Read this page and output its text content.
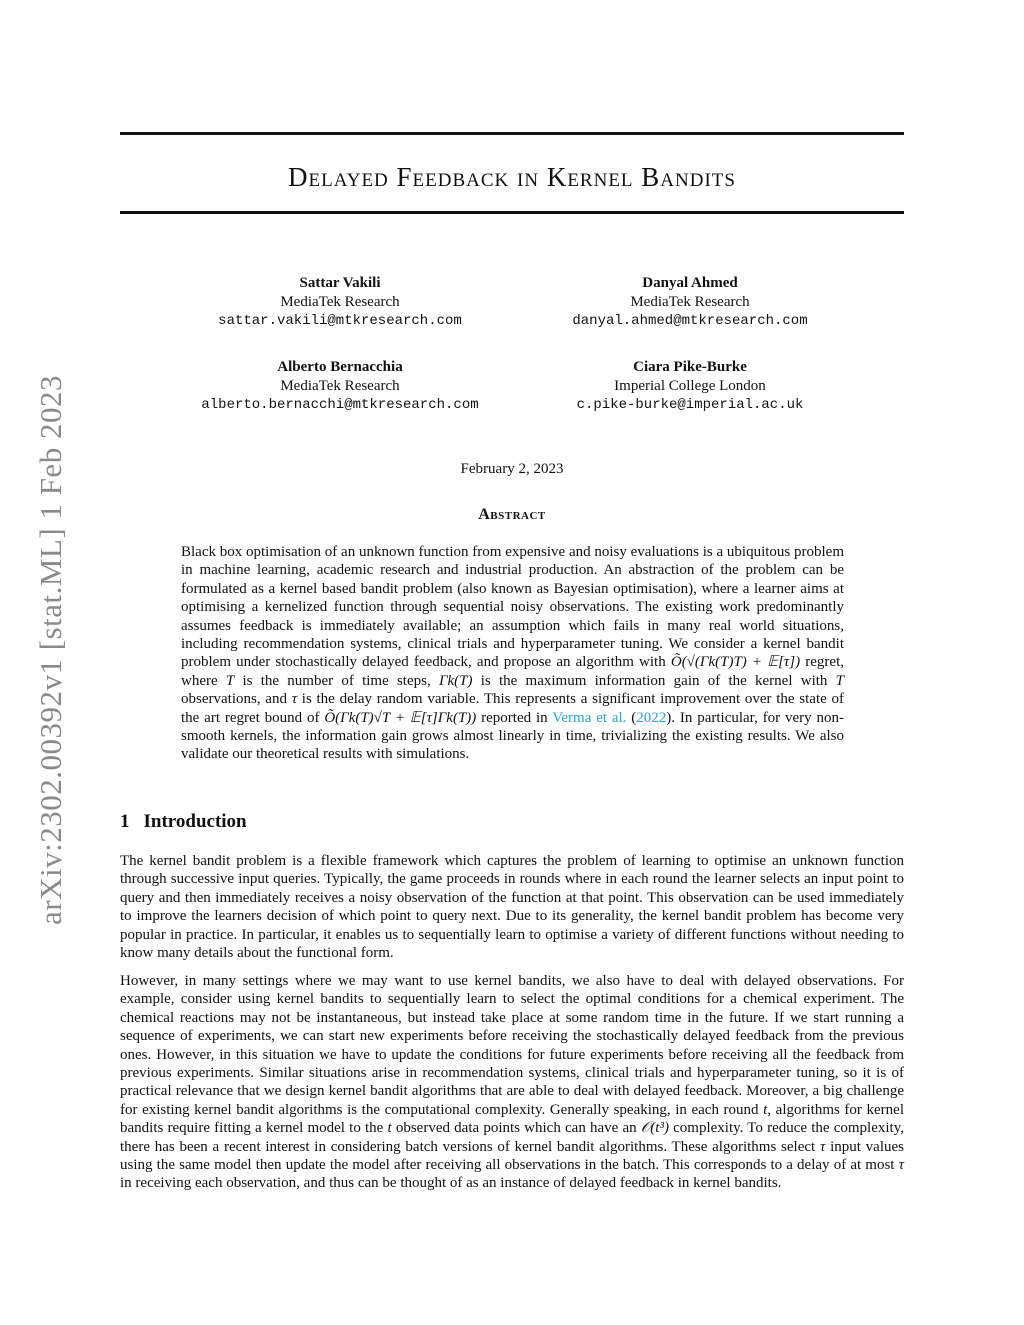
arXiv:2302.00392v1 [stat.ML] 1 Feb 2023
Delayed Feedback in Kernel Bandits
Sattar Vakili
MediaTek Research
sattar.vakili@mtkresearch.com
Danyal Ahmed
MediaTek Research
danyal.ahmed@mtkresearch.com
Alberto Bernacchia
MediaTek Research
alberto.bernacchi@mtkresearch.com
Ciara Pike-Burke
Imperial College London
c.pike-burke@imperial.ac.uk
February 2, 2023
Abstract
Black box optimisation of an unknown function from expensive and noisy evaluations is a ubiquitous problem in machine learning, academic research and industrial production. An abstraction of the problem can be formulated as a kernel based bandit problem (also known as Bayesian optimisation), where a learner aims at optimising a kernelized function through sequential noisy observations. The existing work predominantly assumes feedback is immediately available; an assumption which fails in many real world situations, including recommendation systems, clinical trials and hyperparameter tuning. We consider a kernel bandit problem under stochastically delayed feedback, and propose an algorithm with Õ(√(Γk(T)T) + 𝔼[τ]) regret, where T is the number of time steps, Γk(T) is the maximum information gain of the kernel with T observations, and τ is the delay random variable. This represents a significant improvement over the state of the art regret bound of Õ(Γk(T)√T + 𝔼[τ]Γk(T)) reported in Verma et al. (2022). In particular, for very non-smooth kernels, the information gain grows almost linearly in time, trivializing the existing results. We also validate our theoretical results with simulations.
1 Introduction

The kernel bandit problem is a flexible framework which captures the problem of learning to optimise an unknown function through successive input queries. Typically, the game proceeds in rounds where in each round the learner selects an input point to query and then immediately receives a noisy observation of the function at that point. This observation can be used immediately to improve the learners decision of which point to query next. Due to its generality, the kernel bandit problem has become very popular in practice. In particular, it enables us to sequentially learn to optimise a variety of different functions without needing to know many details about the functional form.

However, in many settings where we may want to use kernel bandits, we also have to deal with delayed observations. For example, consider using kernel bandits to sequentially learn to select the optimal conditions for a chemical experiment. The chemical reactions may not be instantaneous, but instead take place at some random time in the future. If we start running a sequence of experiments, we can start new experiments before receiving the stochastically delayed feedback from the previous ones. However, in this situation we have to update the conditions for future experiments before receiving all the feedback from previous experiments. Similar situations arise in recommendation systems, clinical trials and hyperparameter tuning, so it is of practical relevance that we design kernel bandit algorithms that are able to deal with delayed feedback. Moreover, a big challenge for existing kernel bandit algorithms is the computational complexity. Generally speaking, in each round t, algorithms for kernel bandits require fitting a kernel model to the t observed data points which can have an 𝒪(t³) complexity. To reduce the complexity, there has been a recent interest in considering batch versions of kernel bandit algorithms. These algorithms select τ input values using the same model then update the model after receiving all observations in the batch. This corresponds to a delay of at most τ in receiving each observation, and thus can be thought of as an instance of delayed feedback in kernel bandits.
